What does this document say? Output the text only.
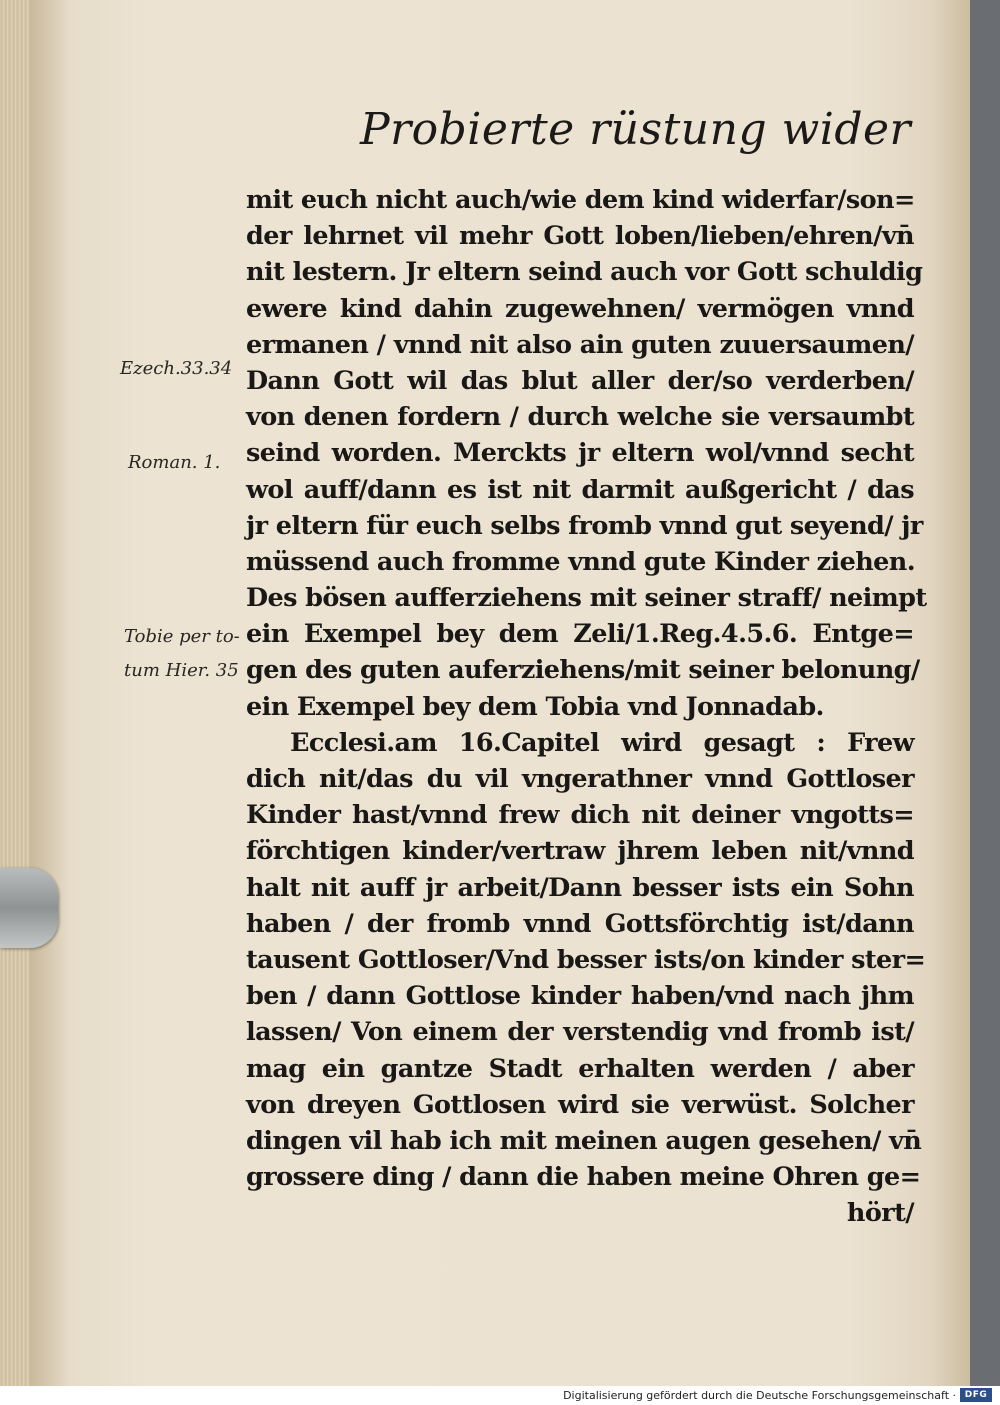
Probierte rüstung wider
Ezech.33.34
Roman. 1.
Tobie per to-
tum Hier. 35
mit euch nicht auch/wie dem kind widerfar/son=
der lehrnet vil mehr Gott loben/lieben/ehren/vn̄
nit lestern. Jr eltern seind auch vor Gott schuldig
ewere kind dahin zugewehnen/ vermögen vnnd
ermanen / vnnd nit also ain guten zuuersaumen/
Dann Gott wil das blut aller der/so verderben/
von denen fordern / durch welche sie versaumbt
seind worden. Merckts jr eltern wol/vnnd secht
wol auff/dann es ist nit darmit außgericht / das
jr eltern für euch selbs fromb vnnd gut seyend/ jr
müssend auch fromme vnnd gute Kinder ziehen.
Des bösen aufferziehens mit seiner straff/ neimpt
ein Exempel bey dem Zeli/1.Reg.4.5.6. Entge=
gen des guten auferziehens/mit seiner belonung/
ein Exempel bey dem Tobia vnd Jonnadab.
Ecclesi.am 16.Capitel wird gesagt : Frew
dich nit/das du vil vngerathner vnnd Gottloser
Kinder hast/vnnd frew dich nit deiner vngotts=
förchtigen kinder/vertraw jhrem leben nit/vnnd
halt nit auff jr arbeit/Dann besser ists ein Sohn
haben / der fromb vnnd Gottsförchtig ist/dann
tausent Gottloser/Vnd besser ists/on kinder ster=
ben / dann Gottlose kinder haben/vnd nach jhm
lassen/ Von einem der verstendig vnd fromb ist/
mag ein gantze Stadt erhalten werden / aber
von dreyen Gottlosen wird sie verwüst. Solcher
dingen vil hab ich mit meinen augen gesehen/ vn̄
grossere ding / dann die haben meine Ohren ge=
hört/
Digitalisierung gefördert durch die Deutsche Forschungsgemeinschaft · DFG
